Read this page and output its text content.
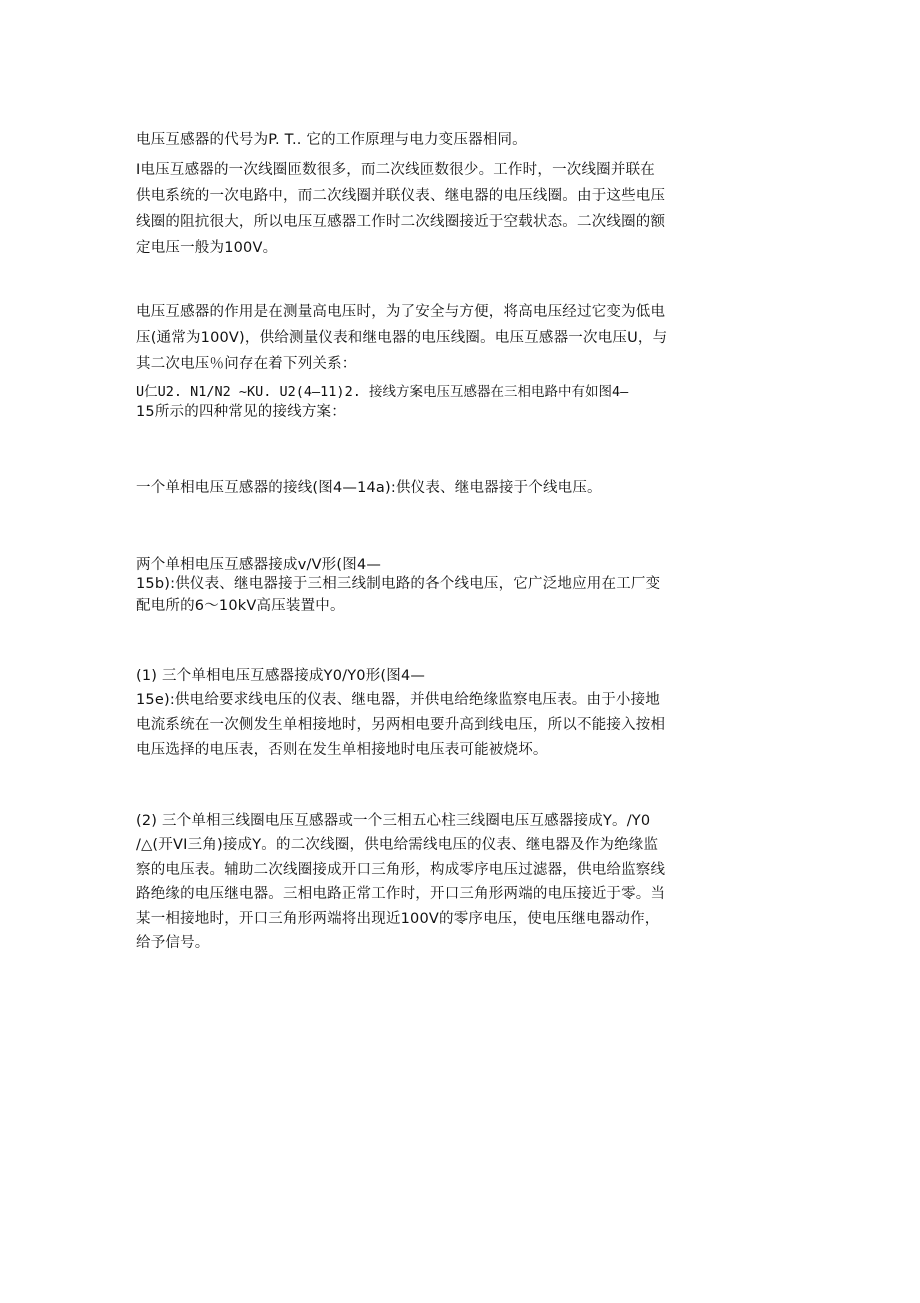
电压互感器的代号为P. T.. 它的工作原理与电力变压器相同。
I电压互感器的一次线圈匝数很多，而二次线匝数很少。工作时，一次线圈并联在
供电系统的一次电路中，而二次线圈并联仪表、继电器的电压线圈。由于这些电压
线圈的阻抗很大，所以电压互感器工作时二次线圈接近于空载状态。二次线圈的额
定电压一般为100V。
电压互感器的作用是在测量高电压时，为了安全与方便，将高电压经过它变为低电
压(通常为100V)，供给测量仪表和继电器的电压线圈。电压互感器一次电压U，与
其二次电压％问存在着下列关系：
U仁U2. N1/N2 ~KU. U2(4—11)2. 接线方案电压互感器在三相电路中有如图4—
15所示的四种常见的接线方案：
一个单相电压互感器的接线(图4—14a):供仪表、继电器接于个线电压。
两个单相电压互感器接成v/V形(图4—
15b):供仪表、继电器接于三相三线制电路的各个线电压，它广泛地应用在工厂变
配电所的6～10kV高压装置中。
(1) 三个单相电压互感器接成Y0/Y0形(图4—
15e):供电给要求线电压的仪表、继电器，并供电给绝缘监察电压表。由于小接地
电流系统在一次侧发生单相接地时，另两相电要升高到线电压，所以不能接入按相
电压选择的电压表，否则在发生单相接地时电压表可能被烧坏。
(2) 三个单相三线圈电压互感器或一个三相五心柱三线圈电压互感器接成Y。/Y0
/△(开VI三角)接成Y。的二次线圈，供电给需线电压的仪表、继电器及作为绝缘监
察的电压表。辅助二次线圈接成开口三角形，构成零序电压过滤器，供电给监察线
路绝缘的电压继电器。三相电路正常工作时，开口三角形两端的电压接近于零。当
某一相接地时，开口三角形两端将出现近100V的零序电压，使电压继电器动作，
给予信号。
